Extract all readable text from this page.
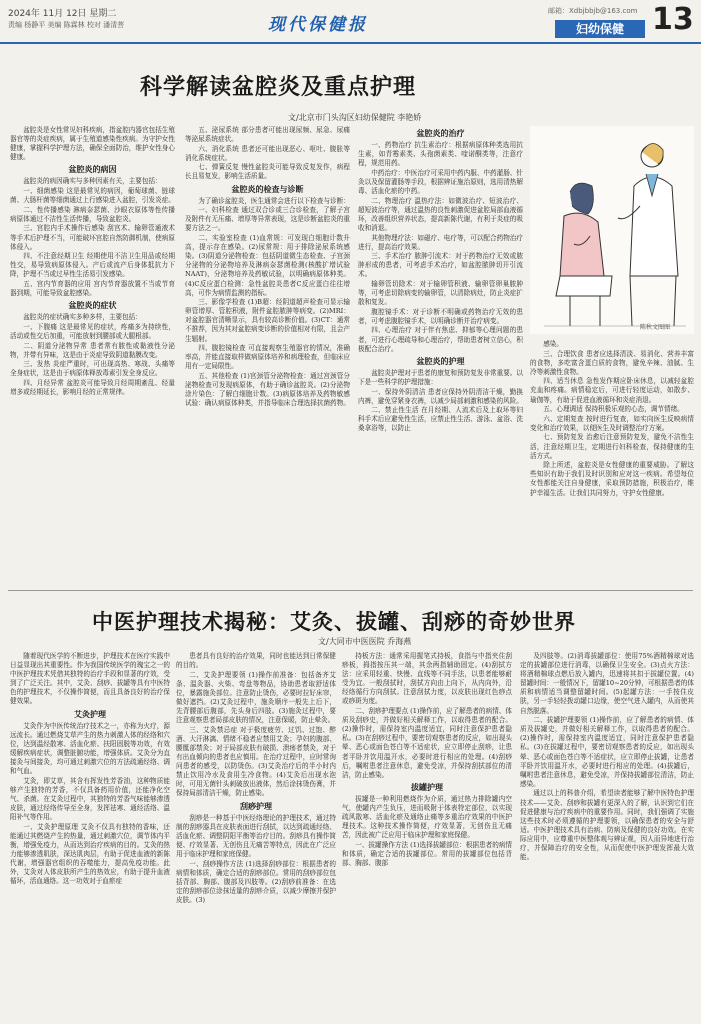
2024年 11月 12日 星期二
责编 杨静平 美编 陈霖林 校对 潘清菩	现代保健报
邮箱：Xdbjbbjb@163.com
妇幼保健 13
科学解读盆腔炎及重点护理
文/北京市门头沟区妇幼保健院 李艳娇

盆腔炎是女性常见妇科疾病，指盆腔内器官包括生殖器官等的炎症疾病，属于生殖道感染性疾病。为守护女性健康，掌握科学护理方法，确保全面防治，维护女性身心健康。

盆腔炎的病因

盆腔炎的病因确实与多种因素有关，主要包括：

一、细菌感染 这是最常见的病因，葡萄球菌、链球菌、大肠杆菌等细菌通过上行感染进入盆腔，引发炎症。

二、性传播感染 淋病奈瑟菌、沙眼衣原体等性传播病原体通过不洁性生活传播，导致盆腔炎。

三、宫腔内手术操作后感染 刮宫术、输卵管通液术等手术后护理不当，可能破坏宫腔自然防御机制，使病原体侵入。

四、不注意经期卫生 经期使用不洁卫生用品或经期性交，易导致病原体侵入。产后或流产后身体抵抗力下降，护理不当或过早性生活易引发感染。

五、宫内节育器的应用 宫内节育器放置不当或节育器到期，可能导致盆腔感染。

盆腔炎的症状

盆腔炎的症状确实多种多样，主要包括：

一、下腹痛 这是最常见的症状，疼痛多为持续性，活动或性交后加重，可能放射到腰部或大腿根部。

二、阴道分泌物异常 患者常有脓性或黏液性分泌物，并带有异味，这是由于炎症导致阴道黏膜改变。

三、发热 炎症严重时，可出现高热、寒战、头痛等全身症状，这是由于病原体释放毒素引发全身反应。

四、月经异常 盆腔炎可能导致月经周期紊乱、经量增多或经期延长，影响月经的正常规律。

五、泌尿系统 部分患者可能出现尿频、尿急、尿痛等泌尿系统症状。

六、消化系统 患者还可能出现恶心、呕吐、腹胀等消化系统症状。

七、弹簧反复 慢性盆腔炎可能导致反复发作，病程长且易复发，影响生活质量。

盆腔炎的检查与诊断

为了确诊盆腔炎，医生通常会进行以下检查与诊断：

一、妇科检查 通过双合诊或三合诊检查，了解子宫及附件有无压痛、增厚等异常表现，这是诊断盆腔炎的重要方法之一。

二、实验室检查 (1)血常规：可发现白细胞计数升高，提示存在感染。(2)尿常规：用于排除泌尿系统感染。(3)阴道分泌物检查：包括阴道微生态检查、子宫颈分泌物的分泌物培养及淋病奈瑟菌检测(核酸扩增试验NAAT)，分泌物培养及药敏试验，以明确病原体种类。(4)C反应蛋白检测：急性盆腔炎患者C反应蛋白往往增高，可作为病情监测的指标。

三、影像学检查 (1)B超：经阴道超声检查可显示输卵管增厚、管腔积液，附件盆腔脓肿等病变。(2)MRI：对盆腔器官清晰显示，具有较高诊断价值。(3)CT：通常不推荐，因为其对盆腔病变诊断的价值相对有限，且会产生辐射。

四、腹腔镜检查 可直接观察生殖器官的情况，准确率高，并能直接取样做病原体培养和病理检查，但临床应用有一定局限性。

五、其他检查 (1)宫颈管分泌物检查：通过宫颈管分泌物检查可发现病原体，有助于确诊盆腔炎。(2)分泌物涂片染色：了解白细胞计数。(3)病原体培养及药物敏感试验：确认病原体种类，并指导临床合理选择抗菌药物。

盆腔炎的治疗

一、药物治疗 抗生素治疗：根据病原体种类选用抗生素，如青霉素类、头孢菌素类、喹诺酮类等，注意疗程，规范用药。

中药治疗：中医治疗可采用中药内服、中药灌肠、针灸以及保留灌肠等手段，根据辨证施治原则，选用清热解毒、活血化瘀的中药。

二、物理治疗 温热疗法：如微波治疗、短波治疗、超短波治疗等，通过温热的良性刺激促进盆腔局部血液循环，改善组织营养状态，提高新陈代谢，有利于炎症的吸收和消退。

其他物理疗法：如磁疗、电疗等，可以配合药物治疗进行，提高治疗效果。

三、手术治疗 脓肿引流术：对于药物治疗无效或脓肿形成的患者，可考虑手术治疗，如盆腔脓肿切开引流术。

输卵管切除术：对于输卵管积液、输卵管卵巢脓肿等，可考虑切除病变的输卵管，以清除病灶，防止炎症扩散和复发。

腹腔镜手术：对于诊断不明确或药物治疗无效的患者，可考虑腹腔镜手术，以明确诊断并治疗病变。

四、心理治疗 对于伴有焦虑、抑郁等心理问题的患者，可进行心理疏导和心理治疗，帮助患者树立信心，积极配合治疗。

盆腔炎的护理

盆腔炎护理对于患者的康复和预防复发非常重要。以下是一些科学的护理措施：

一、保持外阴清洁 患者应保持外阴清洁干燥，勤换内裤，避免穿紧身衣裤，以减少局部刺激和感染的风险。

二、禁止性生活 在月经期、人流术后及上取环等妇科手术后应避免性生活，应禁止性生活、游泳、盆浴、洗桑拿浴等，以防止

陈秋文图图

感染。

三、合理饮食 患者应选择清淡、易消化、营养丰富的食物，多吃富含蛋白质的食物，避免辛辣、油腻、生冷等刺激性食物。

四、适当休息 急性发作期应卧床休息，以减轻盆腔充血和疼痛。病情稳定后，可进行轻度运动，如散步、瑜伽等，有助于促进血液循环和炎症消退。

五、心理调适 保持积极乐观的心态，调节情绪。

六、定期复查 按时进行复查，如实向医生反映病情变化和治疗效果，以便医生及时调整治疗方案。

七、预防复发 治愈后注意预防复发，避免不洁性生活，注意经期卫生，定期进行妇科检查，保持健康的生活方式。

除上所述，盆腔炎是女性健康的重要威胁。了解这些知识有助于我们及时识别和应对这一疾病。希望每位女性都能关注自身健康，采取预防措施，积极治疗，维护幸福生活。让我们共同努力，守护女性健康。

中医护理技术揭秘：艾灸、拔罐、刮痧的奇妙世界
文/大同市中医医院 乔海燕

随着现代医学的不断进步，护理技术在医疗实践中日益显现出其重要性。作为我国传统医学的瑰宝之一的中医护理技术凭借其独特的治疗手段和显著的疗效，受到了广泛关注。其中，艾灸、刮痧、拔罐等具有中医特色的护理技术，不仅操作简便，而且具备良好的治疗保健效果。

艾灸护理

艾灸作为中医传统治疗技术之一，亦称为火疗，源远流长。通过燃烧艾草产生的热力刺激人体的经络和穴位，达到温经散寒、活血化瘀、扶阳固脱等功效，有效缓解疾病症状，调整脏腑功能，增强体质。艾灸分为直接灸与间接灸，均可通过刺激穴位的方法疏通经络、调和气血。

艾灸，即艾草，其含有挥发性芳香油，这种物质能够产生独特的芳香，不仅具备药用价值，还能净化空气、杀菌。在艾灸过程中，其独特的芳香气味能够渗透皮肤，通过经络传导至全身，发挥祛寒、通经活络、温阳补气等作用。

一、艾灸护理原理 艾灸不仅具有独特的香味，还能通过其燃烧产生的热量，通过刺激穴位，调节体内平衡，增强免疫力，从而达到治疗疾病的目的。艾灸的热力能够渗透肌肤，深达肌肉层，有助于促进血液的新陈代谢，增强器官组织的吞噬能力，提高免疫功能。此外，艾灸对人体皮肤所产生的热效应，有助于提升血液循环，活血通络。这一功效对于血瘀症

患者具有良好的治疗效果，同时也能达到日常保健的目的。

二、艾灸护理要领 (1)操作前准备：包括备齐艾条、温灸器、火柴、弯盘等物品，协助患者取舒适体位，暴露施灸部位。注意防止烫伤，必要时拉好床帘，做好遮挡。(2)艾灸过程中，施灸顺序一般先上后下，先背腰部后腹部，先头身后四肢。(3)施灸过程中，要注意观察患者局部皮肤的情况，注意保暖，防止晕灸。

三、艾灸禁忌症 对于极度疲劳、过饥、过饱、醉酒、大汗淋漓、情绪不稳者应禁用艾灸；孕妇的腹部、腰骶部禁灸；对于局部皮肤有破损、溃疡者禁灸，对于有出血倾向的患者也应慎用。在治疗过程中，应时常询问患者的感受，以防烫伤。(3)艾灸治疗后的半小时内禁止饮用冷水及食用生冷食物。(4)艾灸后出现水泡时，可用无菌针头刺破放出液体，然后涂抹烫伤膏，并保持局部清洁干燥，防止感染。

刮痧护理

刮痧是一种基于中医经络理论的护理技术，通过特制的刮痧器具在皮肤表面进行刮拭，以达到疏通经络、活血化瘀、调整阴阳平衡等治疗目的。刮痧具有操作简便、疗效显著、无创伤且无痛苦等特点，因此在广泛应用于临床护理和家庭保健。

一、刮痧操作方法 (1)选择刮痧部位：根据患者的病情和体质，确定合适的刮痧部位。常用的刮痧部位包括背部、胸部、腹部及四肢等。(2)刮痧前准备：在选定的刮痧部位涂抹适量的刮痧介质，以减少摩擦并保护皮肤。(3)

持板方法：通常采用握笔式持板，食指与中指夹住刮痧板，拇指按压其一端，其余两指辅助固定。(4)刮拭方法：应采用轻重、快慢、直线等不同手法，以患者能够耐受为宜。一般刮拭时，刮拭方向由上向下，从内向外，沿经络循行方向刮拭。注意刮拭力度，以皮肤出现红色痧点或痧斑为度。

二、刮痧护理要点 (1)操作前，应了解患者的病情、体质及刮痧史，并做好相关解释工作，以取得患者的配合。(2)操作时，需保持室内温度适宜，同时注意保护患者隐私。(3)在刮痧过程中，要密切观察患者的反应，如出现头晕、恶心或面色苍白等不适症状，应立即停止刮痧，让患者平卧并饮用温开水，必要时进行相应的处理。(4)刮痧后，嘱咐患者注意休息，避免受凉，并保持刮拭部位的清洁，防止感染。

拔罐护理

拔罐是一种利用燃烧作为介质，通过热力排除罐内空气，使罐内产生负压，进而吸附于体表特定部位，以实现疏风散寒、活血化瘀及通络止痛等多重治疗效果的中医护理技术。这种技术操作简便，疗效显著，无创伤且无痛苦，因此被广泛应用于临床护理和家庭保健。

一、拔罐操作方法 (1)选择拔罐部位：根据患者的病情和体质，确定合适的拔罐部位。常用的拔罐部位包括背部、胸部、腹部

及四肢等。(2)消毒拔罐部位：使用75%酒精棉球对选定的拔罐部位进行消毒，以确保卫生安全。(3)点火方法：将酒精棉球点燃后放入罐内，迅速将其扣于拔罐位置。(4)留罐时间：一般情况下，留罐10~20分钟，可根据患者的体质和病情适当调整留罐时间。(5)起罐方法：一手按住皮肤，另一手轻轻拨动罐口边缘，使空气进入罐内，从而使其自然脱落。

二、拔罐护理要领 (1)操作前，应了解患者的病情、体质及拔罐史，并做好相关解释工作，以取得患者的配合。(2)操作时，需保持室内温度适宜，同时注意保护患者隐私。(3)在拔罐过程中，要密切观察患者的反应，如出现头晕、恶心或面色苍白等不适症状，应立即停止拔罐，让患者平卧并饮用温开水，必要时进行相应的处理。(4)拔罐后，嘱咐患者注意休息，避免受凉，并保持拔罐部位清洁，防止感染。

通过以上的科普介绍，希望读者能够了解中医特色护理技术——艾灸、刮痧和拔罐有更深入的了解，认识到它们在促进健康与治疗疾病中的重要作用。同时，我们强调了实施这些技术时必须遵循的护理要领，以确保患者的安全与舒适。中医护理技术具有治病、防病及保健的良好功效。在实际应用中，应尊重中医整体观与辨证观，因人而异地进行治疗，并保障治疗的安全性，从而促使中医护理发挥最大效能。
